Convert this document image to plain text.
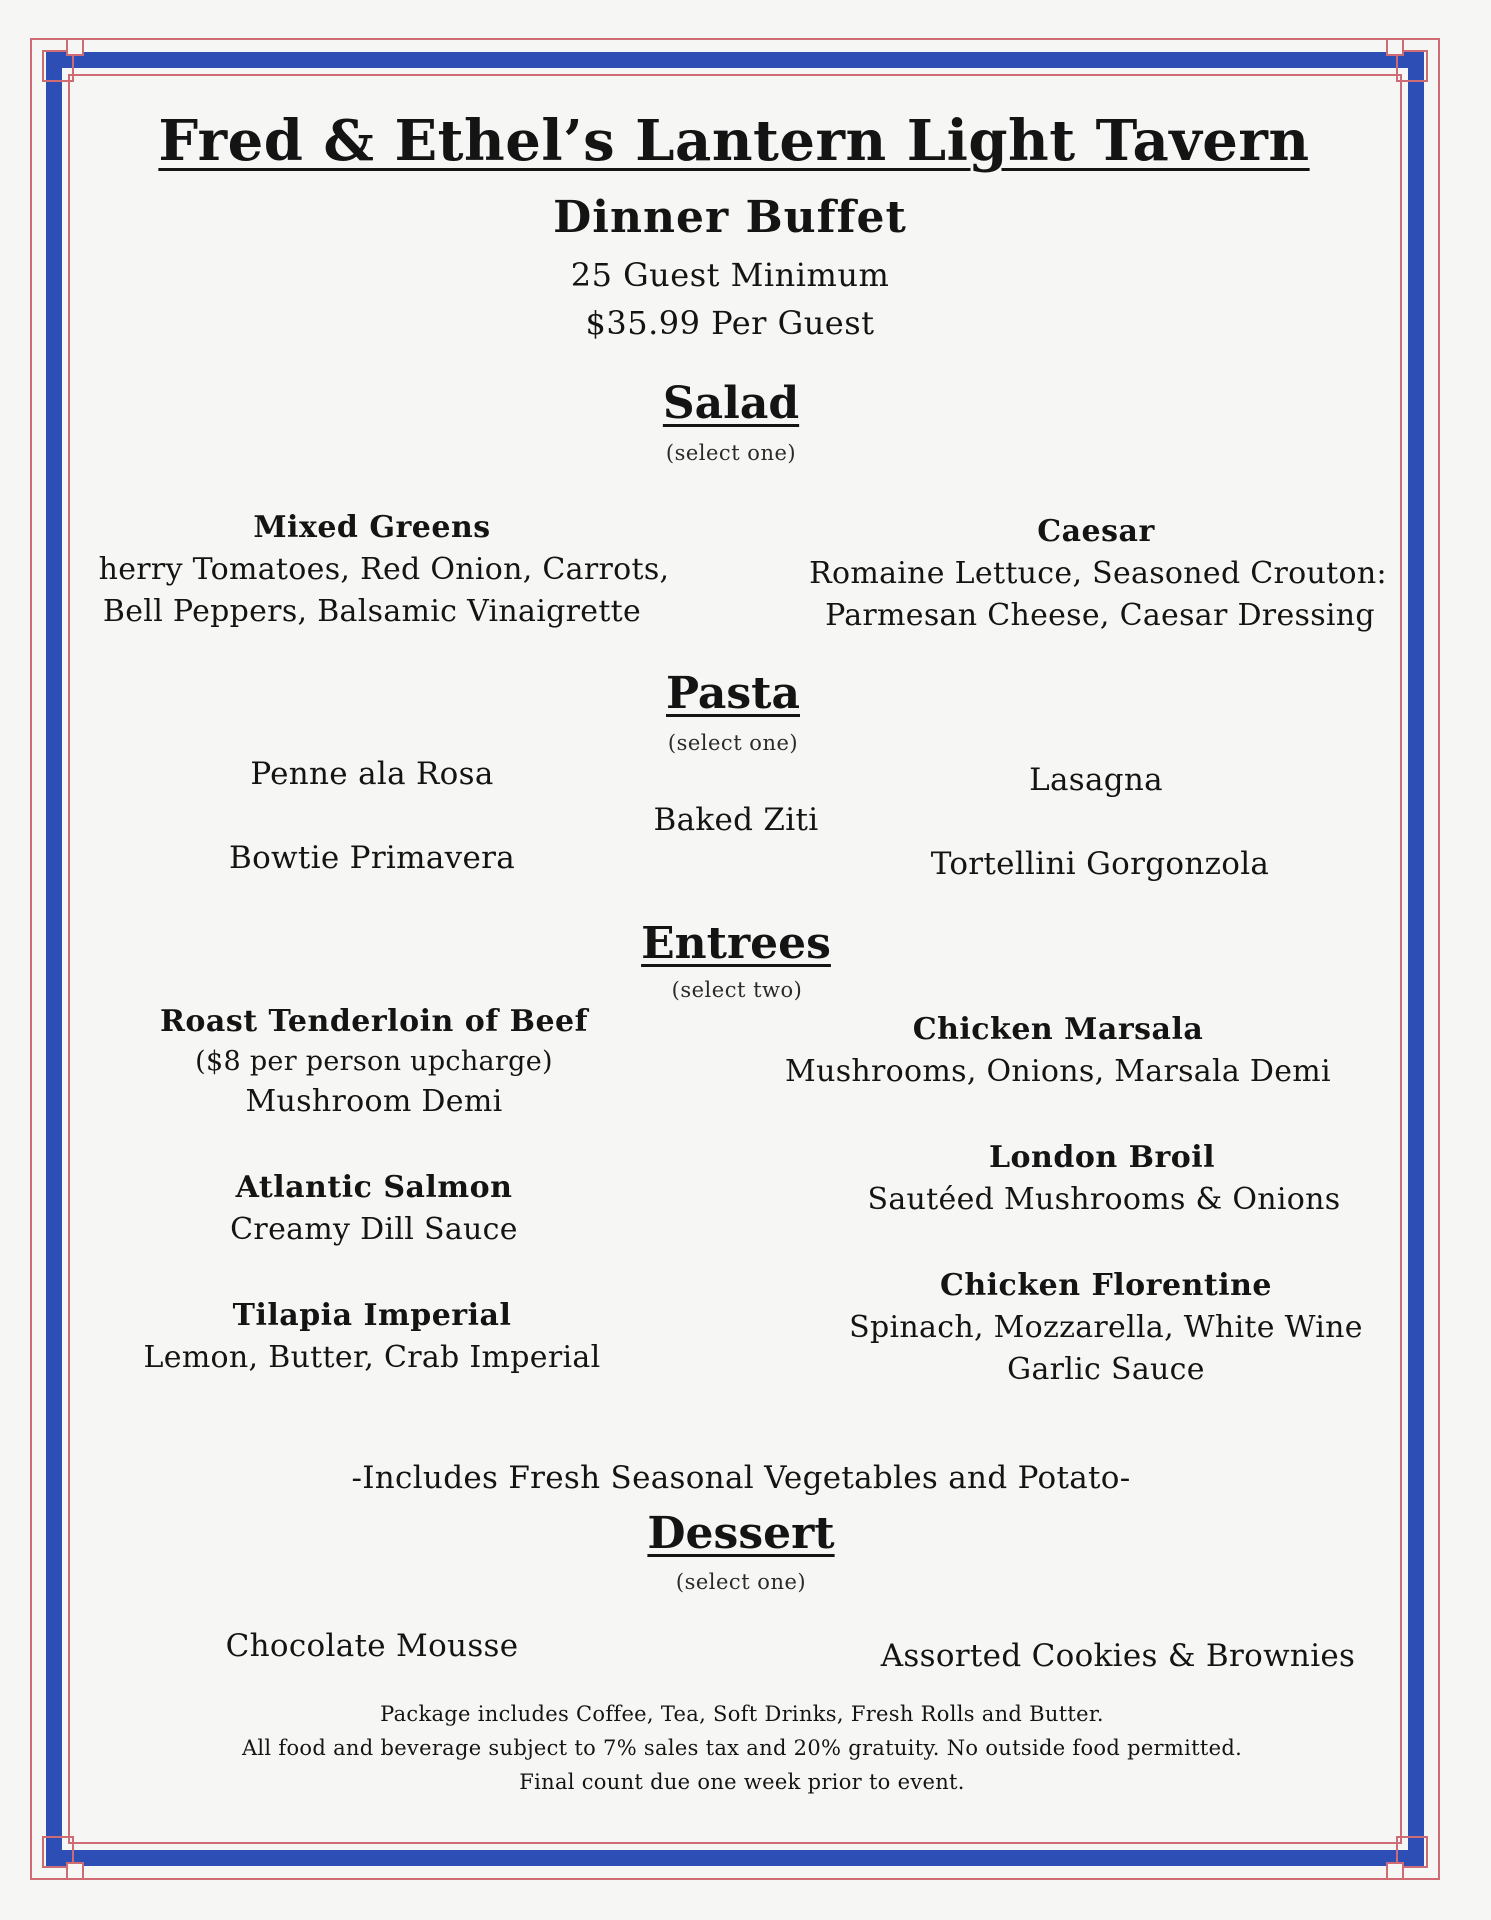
Fred & Ethel’s Lantern Light Tavern
Dinner Buffet
25 Guest Minimum
$35.99 Per Guest
Salad
(select one)
Mixed Greens
herry Tomatoes, Red Onion, Carrots,
Bell Peppers, Balsamic Vinaigrette
Caesar
Romaine Lettuce, Seasoned Crouton:
Parmesan Cheese, Caesar Dressing
Pasta
(select one)
Penne ala Rosa
Bowtie Primavera
Baked Ziti
Lasagna
Tortellini Gorgonzola
Entrees
(select two)
Roast Tenderloin of Beef
($8 per person upcharge)
Mushroom Demi
Atlantic Salmon
Creamy Dill Sauce
Tilapia Imperial
Lemon, Butter, Crab Imperial
Chicken Marsala
Mushrooms, Onions, Marsala Demi
London Broil
Sautéed Mushrooms & Onions
Chicken Florentine
Spinach, Mozzarella, White Wine
Garlic Sauce
-Includes Fresh Seasonal Vegetables and Potato-
Dessert
(select one)
Chocolate Mousse	Assorted Cookies & Brownies
Package includes Coffee, Tea, Soft Drinks, Fresh Rolls and Butter.
All food and beverage subject to 7% sales tax and 20% gratuity. No outside food permitted.
Final count due one week prior to event.
